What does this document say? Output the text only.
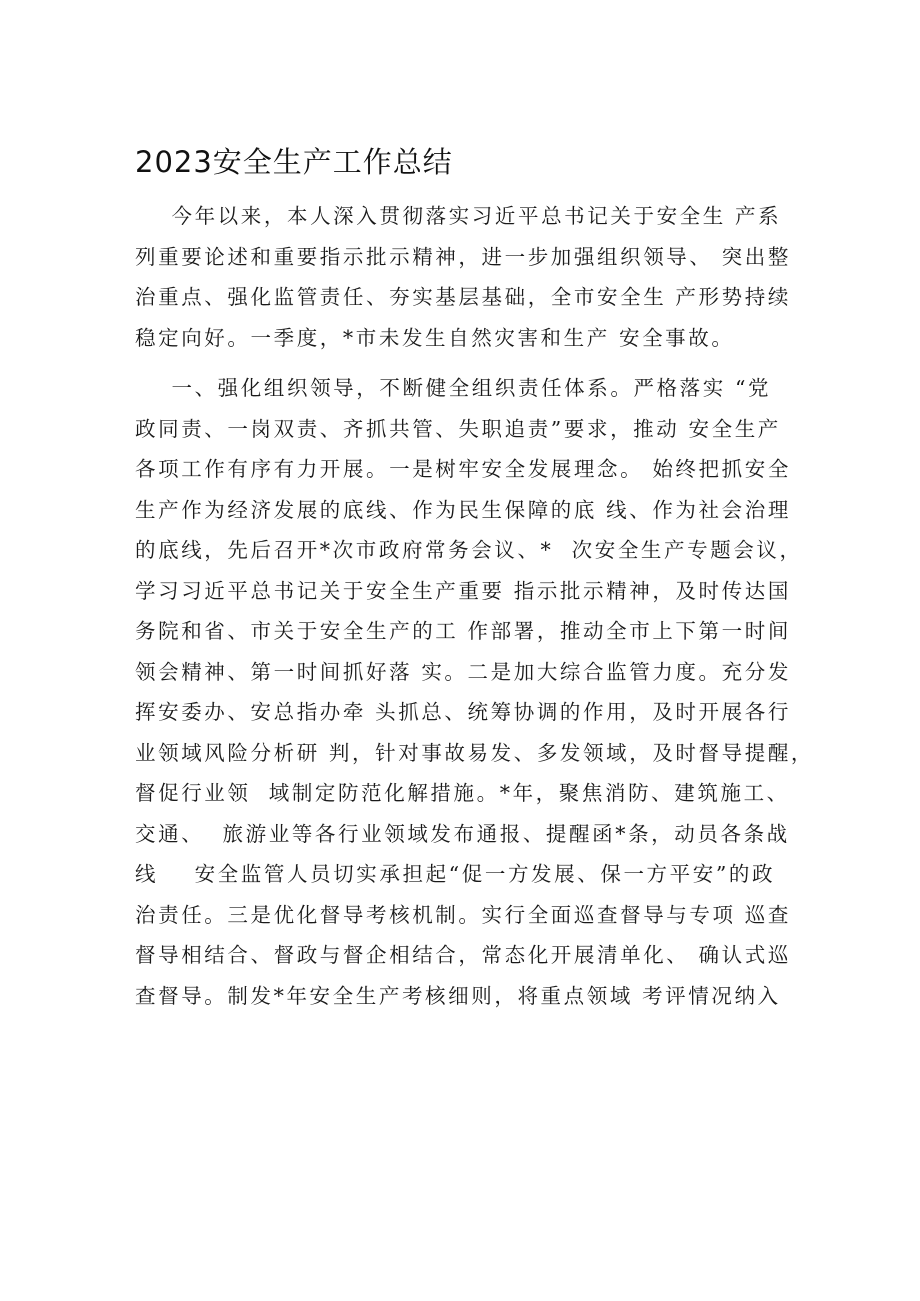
2023安全生产工作总结
今年以来，本人深入贯彻落实习近平总书记关于安全生 产系
列重要论述和重要指示批示精神，进一步加强组织领导、 突出整
治重点、强化监管责任、夯实基层基础，全市安全生 产形势持续
稳定向好。一季度，*市未发生自然灾害和生产 安全事故。
一、强化组织领导，不断健全组织责任体系。严格落实 “党
政同责、一岗双责、齐抓共管、失职追责”要求，推动 安全生产
各项工作有序有力开展。一是树牢安全发展理念。 始终把抓安全
生产作为经济发展的底线、作为民生保障的底 线、作为社会治理
的底线，先后召开*次市政府常务会议、*  次安全生产专题会议，
学习习近平总书记关于安全生产重要 指示批示精神，及时传达国
务院和省、市关于安全生产的工 作部署，推动全市上下第一时间
领会精神、第一时间抓好落 实。二是加大综合监管力度。充分发
挥安委办、安总指办牵 头抓总、统筹协调的作用，及时开展各行
业领域风险分析研 判，针对事故易发、多发领域，及时督导提醒，
督促行业领  域制定防范化解措施。*年，聚焦消防、建筑施工、
交通、  旅游业等各行业领域发布通报、提醒函*条，动员各条战
线    安全监管人员切实承担起“促一方发展、保一方平安”的政
治责任。三是优化督导考核机制。实行全面巡查督导与专项 巡查
督导相结合、督政与督企相结合，常态化开展清单化、 确认式巡
查督导。制发*年安全生产考核细则，将重点领域 考评情况纳入
